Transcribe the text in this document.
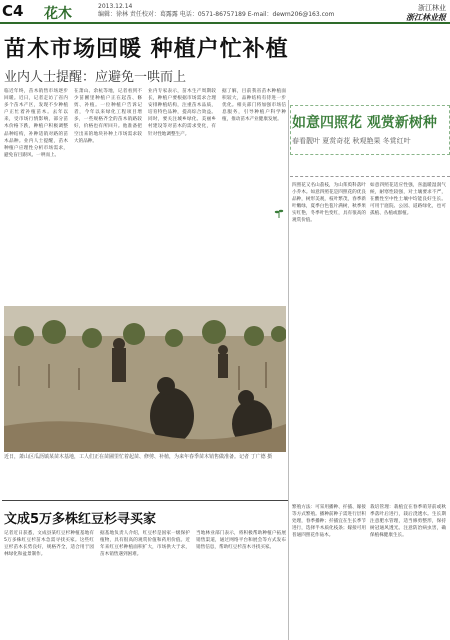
C4 花木	2013.12.14
编辑：徐林 责任校对：葛露露 电话：0571-86757189 E-mail：dewm206@163.com
浙江林业
浙江林业报
苗木市场回暖 种植户忙补植
业内人士提醒：应避免一哄而上
临近年终，苗木销售市场逐步回暖。近日，记者走访了省内多个苗木产区，发现不少种植户正忙着补植苗木。去年以来，受市场行情影响，部分苗木价格下跌，种植户积极调整品种结构，补种适销对路的苗木品种。业内人士提醒，苗木种植户应理性分析市场需求，避免盲目跟风、一哄而上。
在萧山、余杭等地，记者看到不少苗圃里种植户正在起苗、修剪、补植。一位种植户告诉记者，今年以来绿化工程项目增多，一些规格齐全的苗木销路较好，价格也有所回升。他准备把空出来的地块补种上市场需求较大的品种。
业内专家表示，苗木生产周期较长，种植户要根据市场需求合理安排种植结构，注重苗木品质，培育特色品种，提高综合效益。同时，要关注城乡绿化、美丽乡村建设等对苗木的需求变化，有针对性地调整生产。
据了解，目前我省苗木种植面积较大，品种结构有待进一步优化。相关部门将加强市场信息服务，引导种植户科学种植，推动苗木产业健康发展。 如意四照花 观赏新树种
春看靓叶 夏赏奇花 秋观艳果 冬赏红叶
四照花又名山荔枝，为山茱萸科落叶小乔木。如意四照花是四照花的优良品种，树形美观，枝叶繁茂，春季新叶嫩绿，夏季白色苞片满树，秋季果实红艳，冬季叶色变红，具有很高的观赏价值。
如意四照花适应性强，喜温暖湿润气候，耐寒性较强，对土壤要求不严，在酸性至中性土壤中均能良好生长。可用于庭院、公园、道路绿化，也可孤植、丛植或群植。
繁殖方法：可采用播种、扦插、嫁接等方式繁殖。播种前种子需进行层积处理，春季播种；扦插宜在生长季节进行，选择半木质化枝条；嫁接可用普通四照花作砧木。
栽培管理：栽植宜在春季萌芽前或秋季落叶后进行，栽后浇透水。生长期注意肥水管理，适当修剪整形，保持树冠通风透光。注意防治病虫害，确保植株健康生长。
近日，萧山区瓜沥镇某苗木基地，工人们正在苗圃里忙着起苗、修剪、补植，为来年春季苗木销售做准备。记者 丁广德 摄
文成5万多株红豆杉寻买家
记者近日获悉，文成县某红豆杉种植基地有5万多株红豆杉苗木急需寻找买家。这些红豆杉苗木长势良好，规格齐全，适合用于园林绿化和盆景制作。
据基地负责人介绍，红豆杉是国家一级保护植物，具有很高的观赏价值和药用价值。近年来红豆杉种植面积扩大，市场供大于求，苗木销售遇到困难。
当地林业部门表示，将积极帮助种植户拓展销售渠道，通过网络平台和展会等方式发布销售信息，帮助红豆杉苗木寻找买家。
